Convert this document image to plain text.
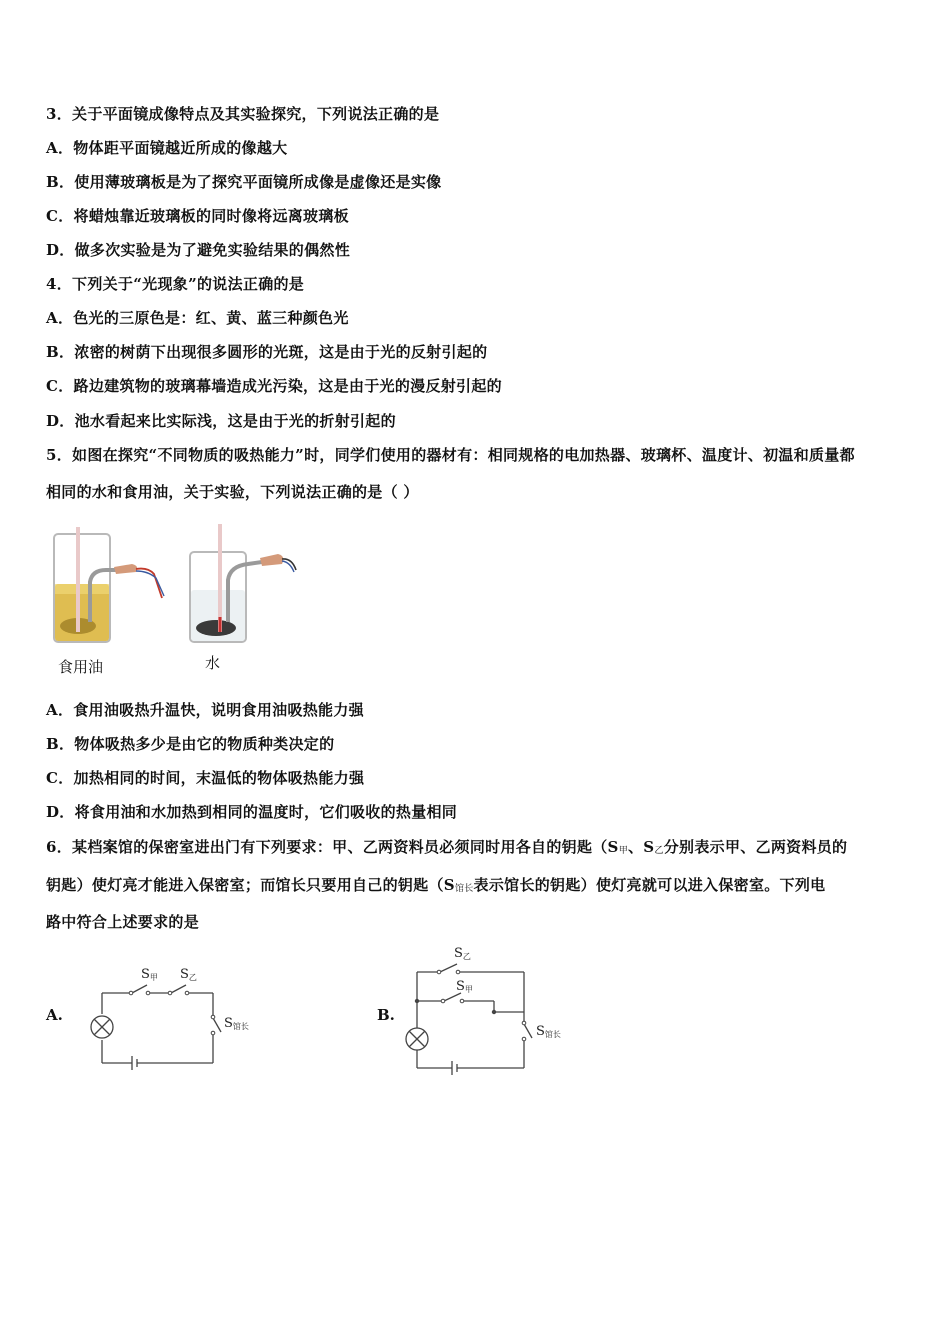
3．关于平面镜成像特点及其实验探究，下列说法正确的是
A．物体距平面镜越近所成的像越大
B．使用薄玻璃板是为了探究平面镜所成像是虚像还是实像
C．将蜡烛靠近玻璃板的同时像将远离玻璃板
D．做多次实验是为了避免实验结果的偶然性
4．下列关于“光现象”的说法正确的是
A．色光的三原色是：红、黄、蓝三种颜色光
B．浓密的树荫下出现很多圆形的光斑，这是由于光的反射引起的
C．路边建筑物的玻璃幕墙造成光污染，这是由于光的漫反射引起的
D．池水看起来比实际浅，这是由于光的折射引起的
5．如图在探究“不同物质的吸热能力”时，同学们使用的器材有：相同规格的电加热器、玻璃杯、温度计、初温和质量都
相同的水和食用油，关于实验，下列说法正确的是（ ）
食用油	水
A．食用油吸热升温快，说明食用油吸热能力强
B．物体吸热多少是由它的物质种类决定的
C．加热相同的时间，末温低的物体吸热能力强
D．将食用油和水加热到相同的温度时，它们吸收的热量相同
6．某档案馆的保密室进出门有下列要求：甲、乙两资料员必须同时用各自的钥匙（S甲、S乙分别表示甲、乙两资料员的
钥匙）使灯亮才能进入保密室；而馆长只要用自己的钥匙（S馆长表示馆长的钥匙）使灯亮就可以进入保密室。下列电
路中符合上述要求的是
A.	B.
S甲 S乙
S馆长
S乙
S甲
S馆长
